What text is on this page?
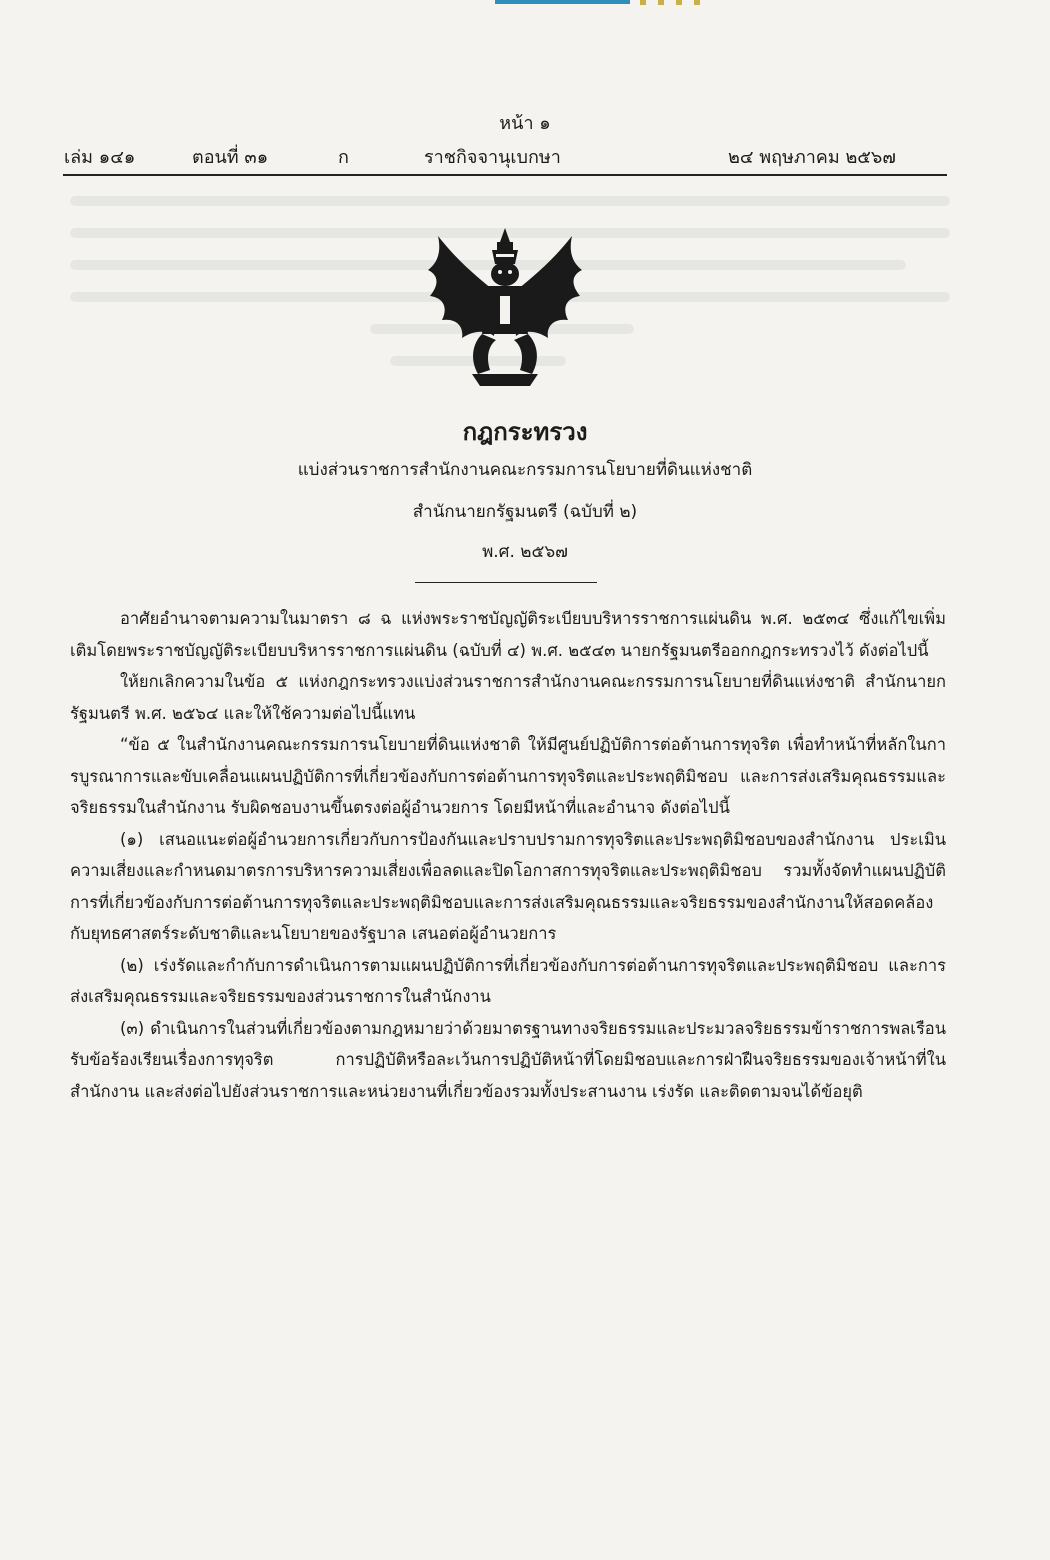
หน้า ๑
เล่ม ๑๔๑	ตอนที่ ๓๑	ก	ราชกิจจานุเบกษา	๒๔ พฤษภาคม ๒๕๖๗
กฎกระทรวง
แบ่งส่วนราชการสำนักงานคณะกรรมการนโยบายที่ดินแห่งชาติ
สำนักนายกรัฐมนตรี (ฉบับที่ ๒)
พ.ศ. ๒๕๖๗

อาศัยอำนาจตามความในมาตรา ๘ ฉ แห่งพระราชบัญญัติระเบียบบริหารราชการแผ่นดิน พ.ศ. ๒๕๓๔ ซึ่งแก้ไขเพิ่มเติมโดยพระราชบัญญัติระเบียบบริหารราชการแผ่นดิน (ฉบับที่ ๔) พ.ศ. ๒๕๔๓ นายกรัฐมนตรีออกกฎกระทรวงไว้ ดังต่อไปนี้

ให้ยกเลิกความในข้อ ๕ แห่งกฎกระทรวงแบ่งส่วนราชการสำนักงานคณะกรรมการนโยบายที่ดินแห่งชาติ สำนักนายกรัฐมนตรี พ.ศ. ๒๕๖๔ และให้ใช้ความต่อไปนี้แทน

“ข้อ ๕ ในสำนักงานคณะกรรมการนโยบายที่ดินแห่งชาติ ให้มีศูนย์ปฏิบัติการต่อต้านการทุจริต เพื่อทำหน้าที่หลักในการบูรณาการและขับเคลื่อนแผนปฏิบัติการที่เกี่ยวข้องกับการต่อต้านการทุจริตและประพฤติมิชอบ และการส่งเสริมคุณธรรมและจริยธรรมในสำนักงาน รับผิดชอบงานขึ้นตรงต่อผู้อำนวยการ โดยมีหน้าที่และอำนาจ ดังต่อไปนี้

(๑) เสนอแนะต่อผู้อำนวยการเกี่ยวกับการป้องกันและปราบปรามการทุจริตและประพฤติมิชอบของสำนักงาน ประเมินความเสี่ยงและกำหนดมาตรการบริหารความเสี่ยงเพื่อลดและปิดโอกาสการทุจริตและประพฤติมิชอบ รวมทั้งจัดทำแผนปฏิบัติการที่เกี่ยวข้องกับการต่อต้านการทุจริตและประพฤติมิชอบและการส่งเสริมคุณธรรมและจริยธรรมของสำนักงานให้สอดคล้องกับยุทธศาสตร์ระดับชาติและนโยบายของรัฐบาล เสนอต่อผู้อำนวยการ

(๒) เร่งรัดและกำกับการดำเนินการตามแผนปฏิบัติการที่เกี่ยวข้องกับการต่อต้านการทุจริตและประพฤติมิชอบ และการส่งเสริมคุณธรรมและจริยธรรมของส่วนราชการในสำนักงาน

(๓) ดำเนินการในส่วนที่เกี่ยวข้องตามกฎหมายว่าด้วยมาตรฐานทางจริยธรรมและประมวลจริยธรรมข้าราชการพลเรือน รับข้อร้องเรียนเรื่องการทุจริต การปฏิบัติหรือละเว้นการปฏิบัติหน้าที่โดยมิชอบและการฝ่าฝืนจริยธรรมของเจ้าหน้าที่ในสำนักงาน และส่งต่อไปยังส่วนราชการและหน่วยงานที่เกี่ยวข้องรวมทั้งประสานงาน เร่งรัด และติดตามจนได้ข้อยุติ
